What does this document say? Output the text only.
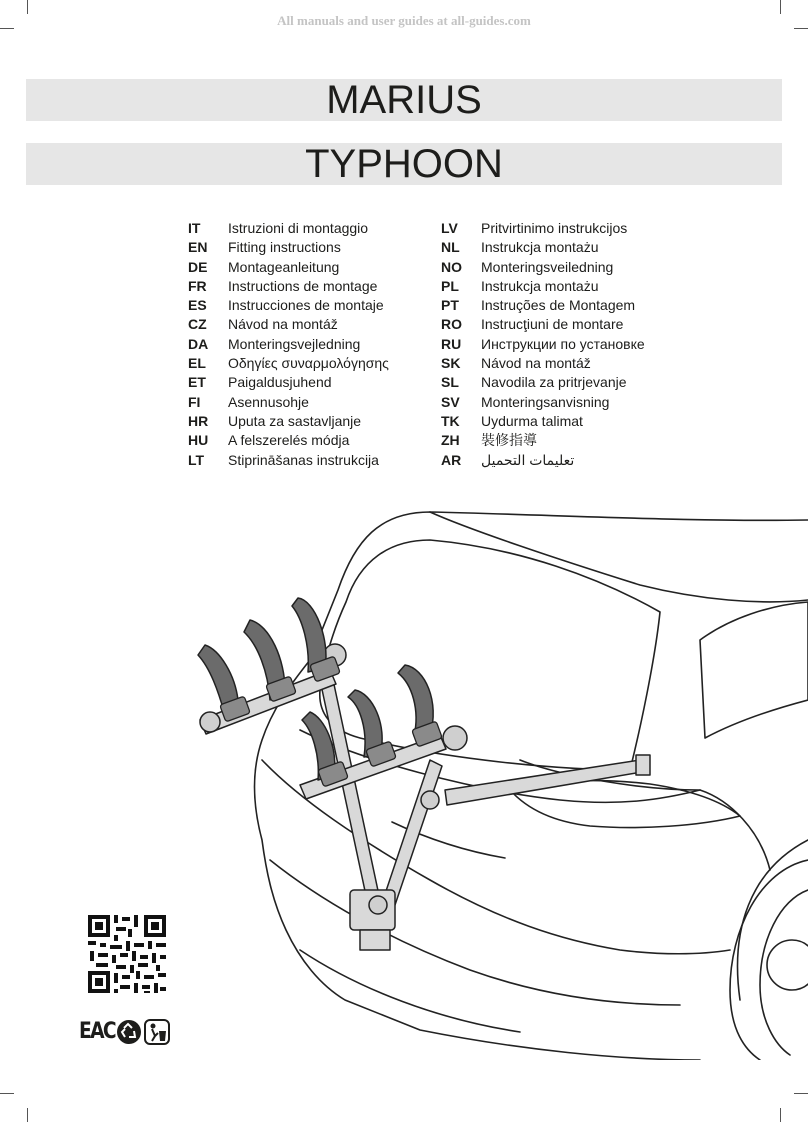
All manuals and user guides at all-guides.com
MARIUS
TYPHOON
IT	Istruzioni di montaggio
EN	Fitting instructions
DE	Montageanleitung
FR	Instructions de montage
ES	Instrucciones de montaje
CZ	Návod na montáž
DA	Monteringsvejledning
EL	Οδηγίες συναρμολόγησης
ET	Paigaldusjuhend
FI	Asennusohje
HR	Uputa za sastavljanje
HU	A felszerelés módja
LT	Stiprināšanas instrukcija
LV	Pritvirtinimo instrukcijos
NL	Instrukcja montażu
NO	Monteringsveiledning
PL	Instrukcja montażu
PT	Instruções de Montagem
RO	Instrucţiuni de montare
RU	Инструкции по установке
SK	Návod na montáž
SL	Navodila za pritrjevanje
SV	Monteringsanvisning
TK	Uydurma talimat
ZH	裝修指導
AR	تعليمات التحميل
EAC
